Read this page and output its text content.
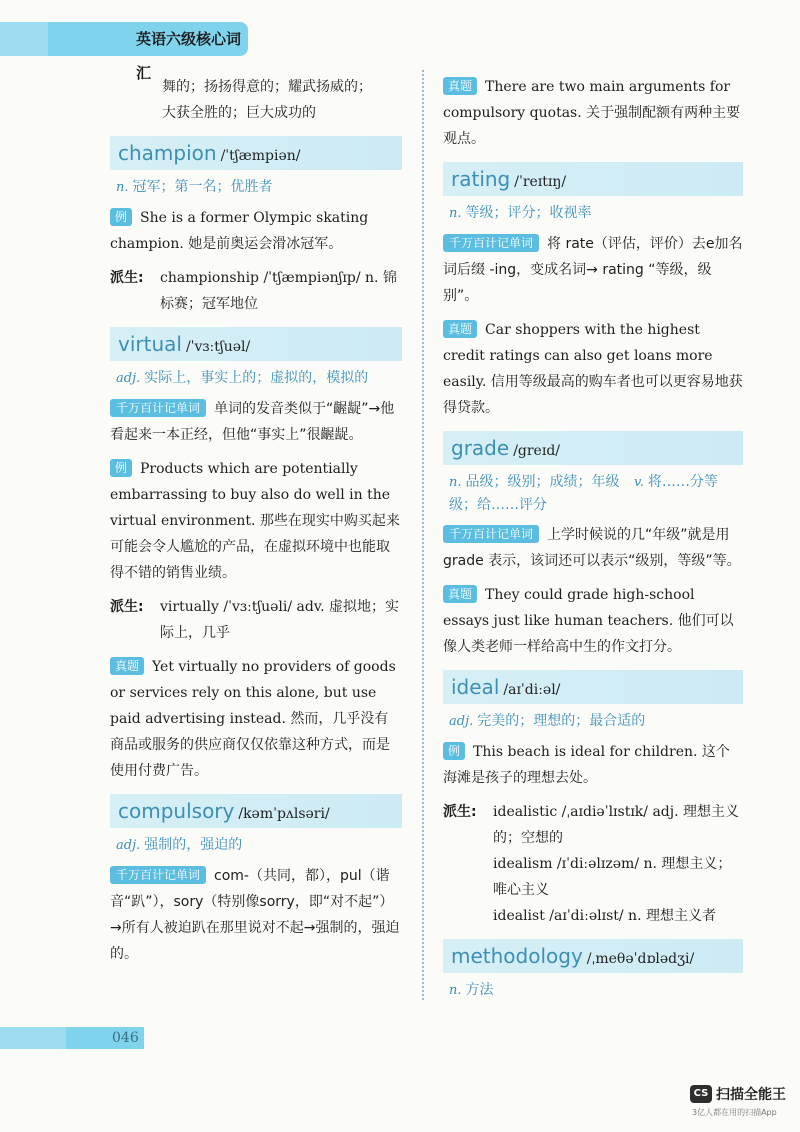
英语六级核心词汇

舞的；扬扬得意的；耀武扬威的；

大获全胜的；巨大成功的

champion /ˈtʃæmpiən/
n. 冠军；第一名；优胜者

例 She is a former Olympic skating champion. 她是前奥运会滑冰冠军。

派生:	championship /ˈtʃæmpiənʃɪp/ n. 锦标赛；冠军地位
virtual /ˈvɜːtʃuəl/
adj. 实际上，事实上的；虚拟的，模拟的

千万百计记单词 单词的发音类似于“齷龊”→他看起来一本正经，但他“事实上”很齷龊。

例 Products which are potentially embarrassing to buy also do well in the virtual environment. 那些在现实中购买起来可能会令人尴尬的产品，在虚拟环境中也能取得不错的销售业绩。

派生:	virtually /ˈvɜːtʃuəli/ adv. 虚拟地；实际上，几乎

真题 Yet virtually no providers of goods or services rely on this alone, but use paid advertising instead. 然而，几乎没有商品或服务的供应商仅仅依靠这种方式，而是使用付费广告。

compulsory /kəmˈpʌlsəri/
adj. 强制的，强迫的

千万百计记单词 com-（共同，都），pul（谐音“趴”），sory（特别像sorry，即“对不起”）→所有人被迫趴在那里说对不起→强制的，强迫的。

真题 There are two main arguments for compulsory quotas. 关于强制配额有两种主要观点。

rating /ˈreɪtɪŋ/
n. 等级；评分；收视率

千万百计记单词 将 rate（评估，评价）去e加名词后缀 -ing，变成名词→ rating “等级，级别”。

真题 Car shoppers with the highest credit ratings can also get loans more easily. 信用等级最高的购车者也可以更容易地获得贷款。

grade /greɪd/
n. 品级；级别；成绩；年级 v. 将……分等级；给……评分

千万百计记单词 上学时候说的几“年级”就是用 grade 表示，该词还可以表示“级别，等级”等。

真题 They could grade high-school essays just like human teachers. 他们可以像人类老师一样给高中生的作文打分。

ideal /aɪˈdiːəl/
adj. 完美的；理想的；最合适的

例 This beach is ideal for children. 这个海滩是孩子的理想去处。

派生:	idealistic /ˌaɪdiəˈlɪstɪk/ adj. 理想主义的；空想的
idealism /ɪˈdiːəlɪzəm/ n. 理想主义；唯心主义
idealist /aɪˈdiːəlɪst/ n. 理想主义者
methodology /ˌmeθəˈdɒlədʒi/
n. 方法
046
CS 扫描全能王
3亿人都在用的扫描App
